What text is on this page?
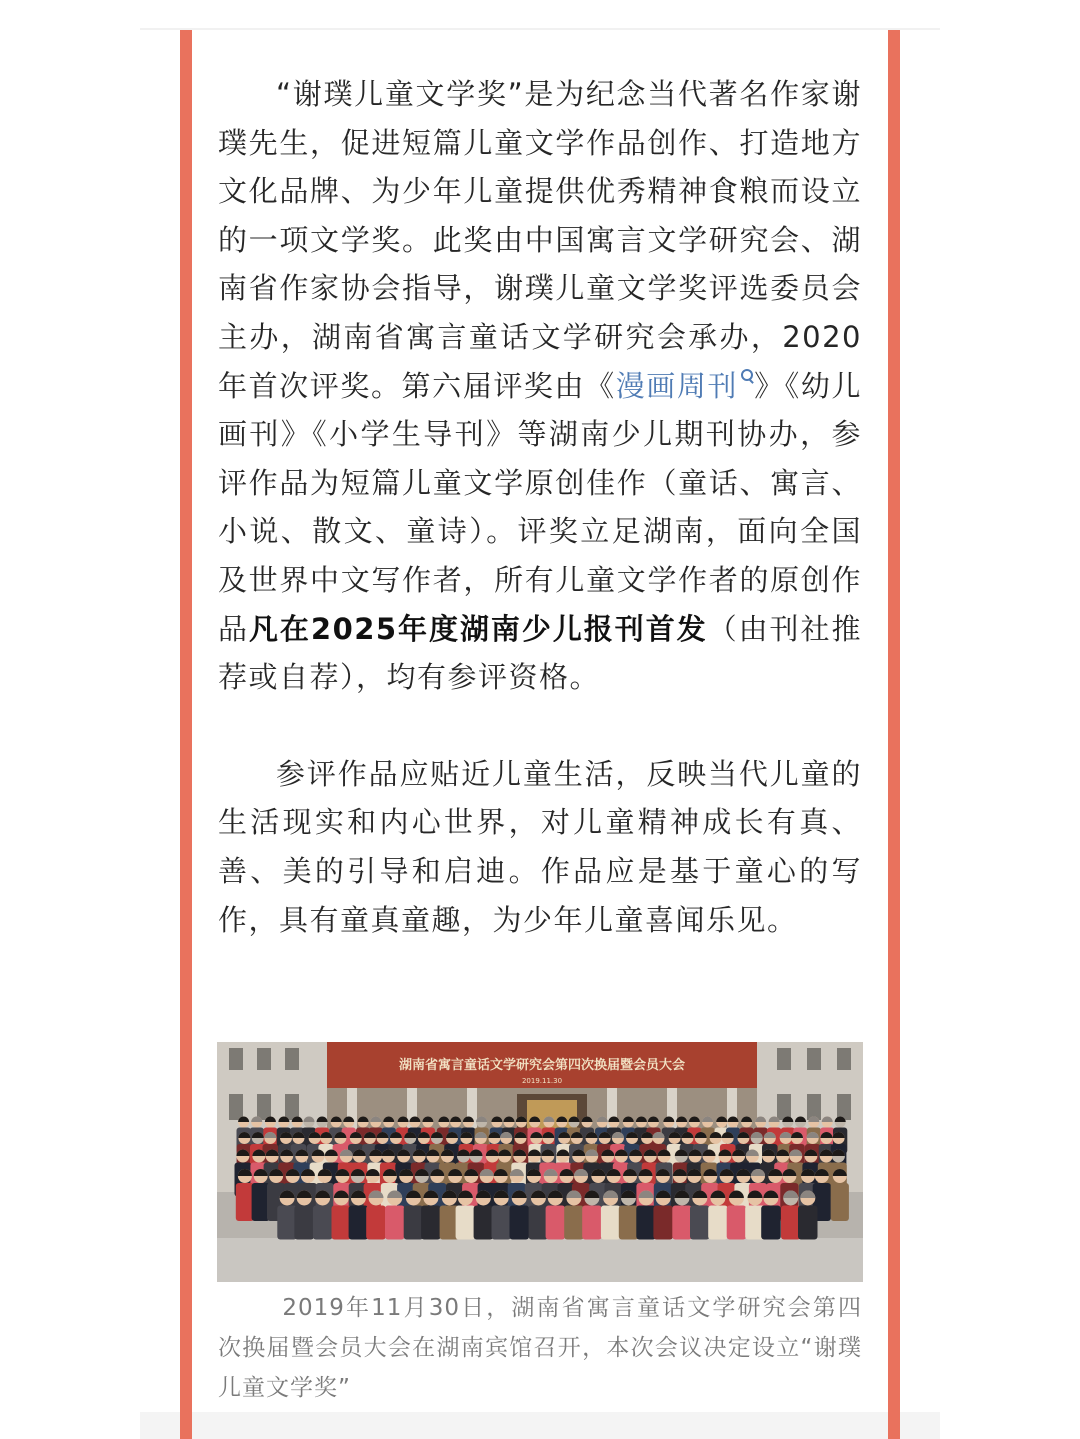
“谢璞儿童文学奖”是为纪念当代著名作家谢璞先生，促进短篇儿童文学作品创作、打造地方文化品牌、为少年儿童提供优秀精神食粮而设立的一项文学奖。此奖由中国寓言文学研究会、湖南省作家协会指导，谢璞儿童文学奖评选委员会主办，湖南省寓言童话文学研究会承办，2020年首次评奖。第六届评奖由《漫画周刊 》《幼儿画刊》《小学生导刊》等湖南少儿期刊协办，参评作品为短篇儿童文学原创佳作（童话、寓言、小说、散文、童诗）。评奖立足湖南，面向全国及世界中文写作者，所有儿童文学作者的原创作品凡在2025年度湖南少儿报刊首发（由刊社推荐或自荐），均有参评资格。

参评作品应贴近儿童生活，反映当代儿童的生活现实和内心世界，对儿童精神成长有真、善、美的引导和启迪。作品应是基于童心的写作，具有童真童趣，为少年儿童喜闻乐见。

湖南省寓言童话文学研究会第四次换届暨会员大会
2019.11.30

2019年11月30日，湖南省寓言童话文学研究会第四次换届暨会员大会在湖南宾馆召开，本次会议决定设立“谢璞儿童文学奖”
